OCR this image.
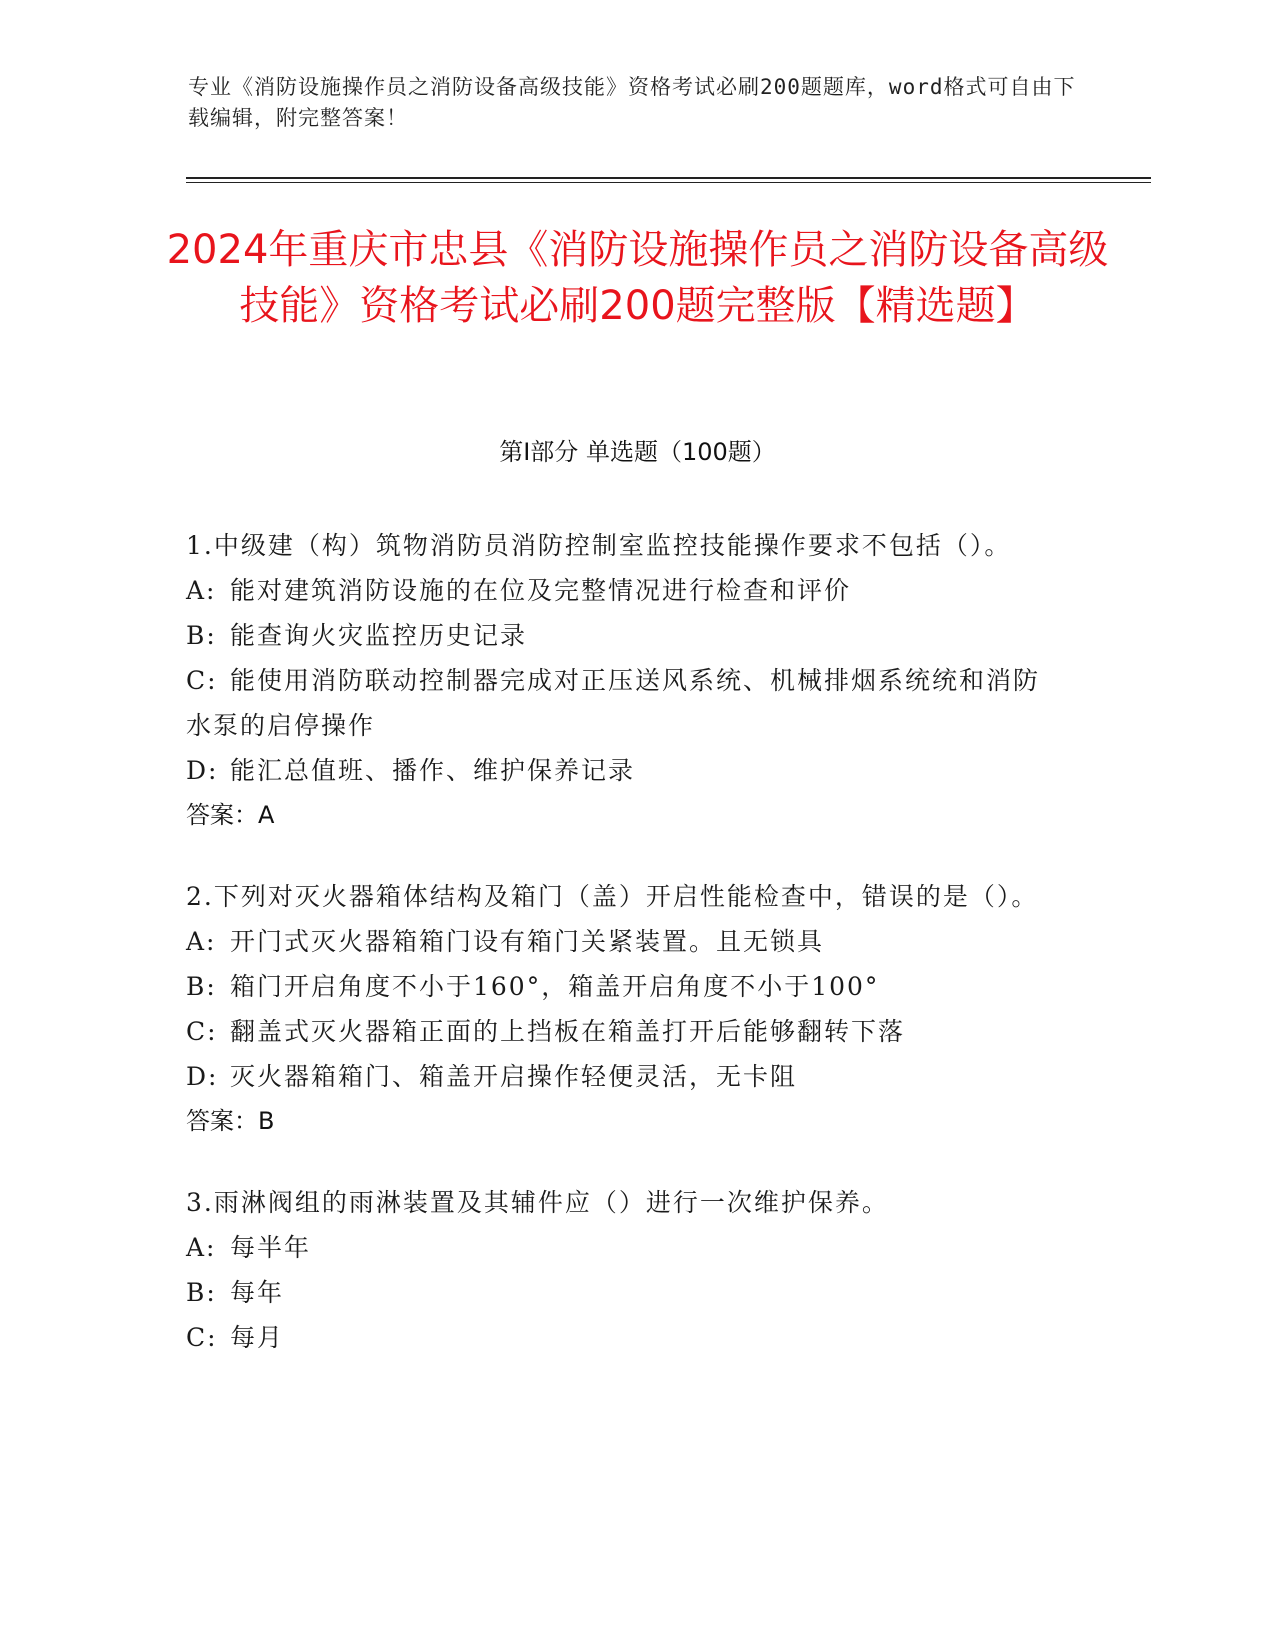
专业《消防设施操作员之消防设备高级技能》资格考试必刷200题题库，word格式可自由下载编辑，附完整答案！
2024年重庆市忠县《消防设施操作员之消防设备高级技能》资格考试必刷200题完整版【精选题】
第Ⅰ部分 单选题（100题）
1.中级建（构）筑物消防员消防控制室监控技能操作要求不包括（）。
A: 能对建筑消防设施的在位及完整情况进行检查和评价
B: 能查询火灾监控历史记录
C: 能使用消防联动控制器完成对正压送风系统、机械排烟系统统和消防水泵的启停操作
D: 能汇总值班、播作、维护保养记录
答案：A
2.下列对灭火器箱体结构及箱门（盖）开启性能检查中，错误的是（）。
A: 开门式灭火器箱箱门设有箱门关紧装置。且无锁具
B: 箱门开启角度不小于160°，箱盖开启角度不小于100°
C: 翻盖式灭火器箱正面的上挡板在箱盖打开后能够翻转下落
D: 灭火器箱箱门、箱盖开启操作轻便灵活，无卡阻
答案：B
3.雨淋阀组的雨淋装置及其辅件应（）进行一次维护保养。
A: 每半年
B: 每年
C: 每月
